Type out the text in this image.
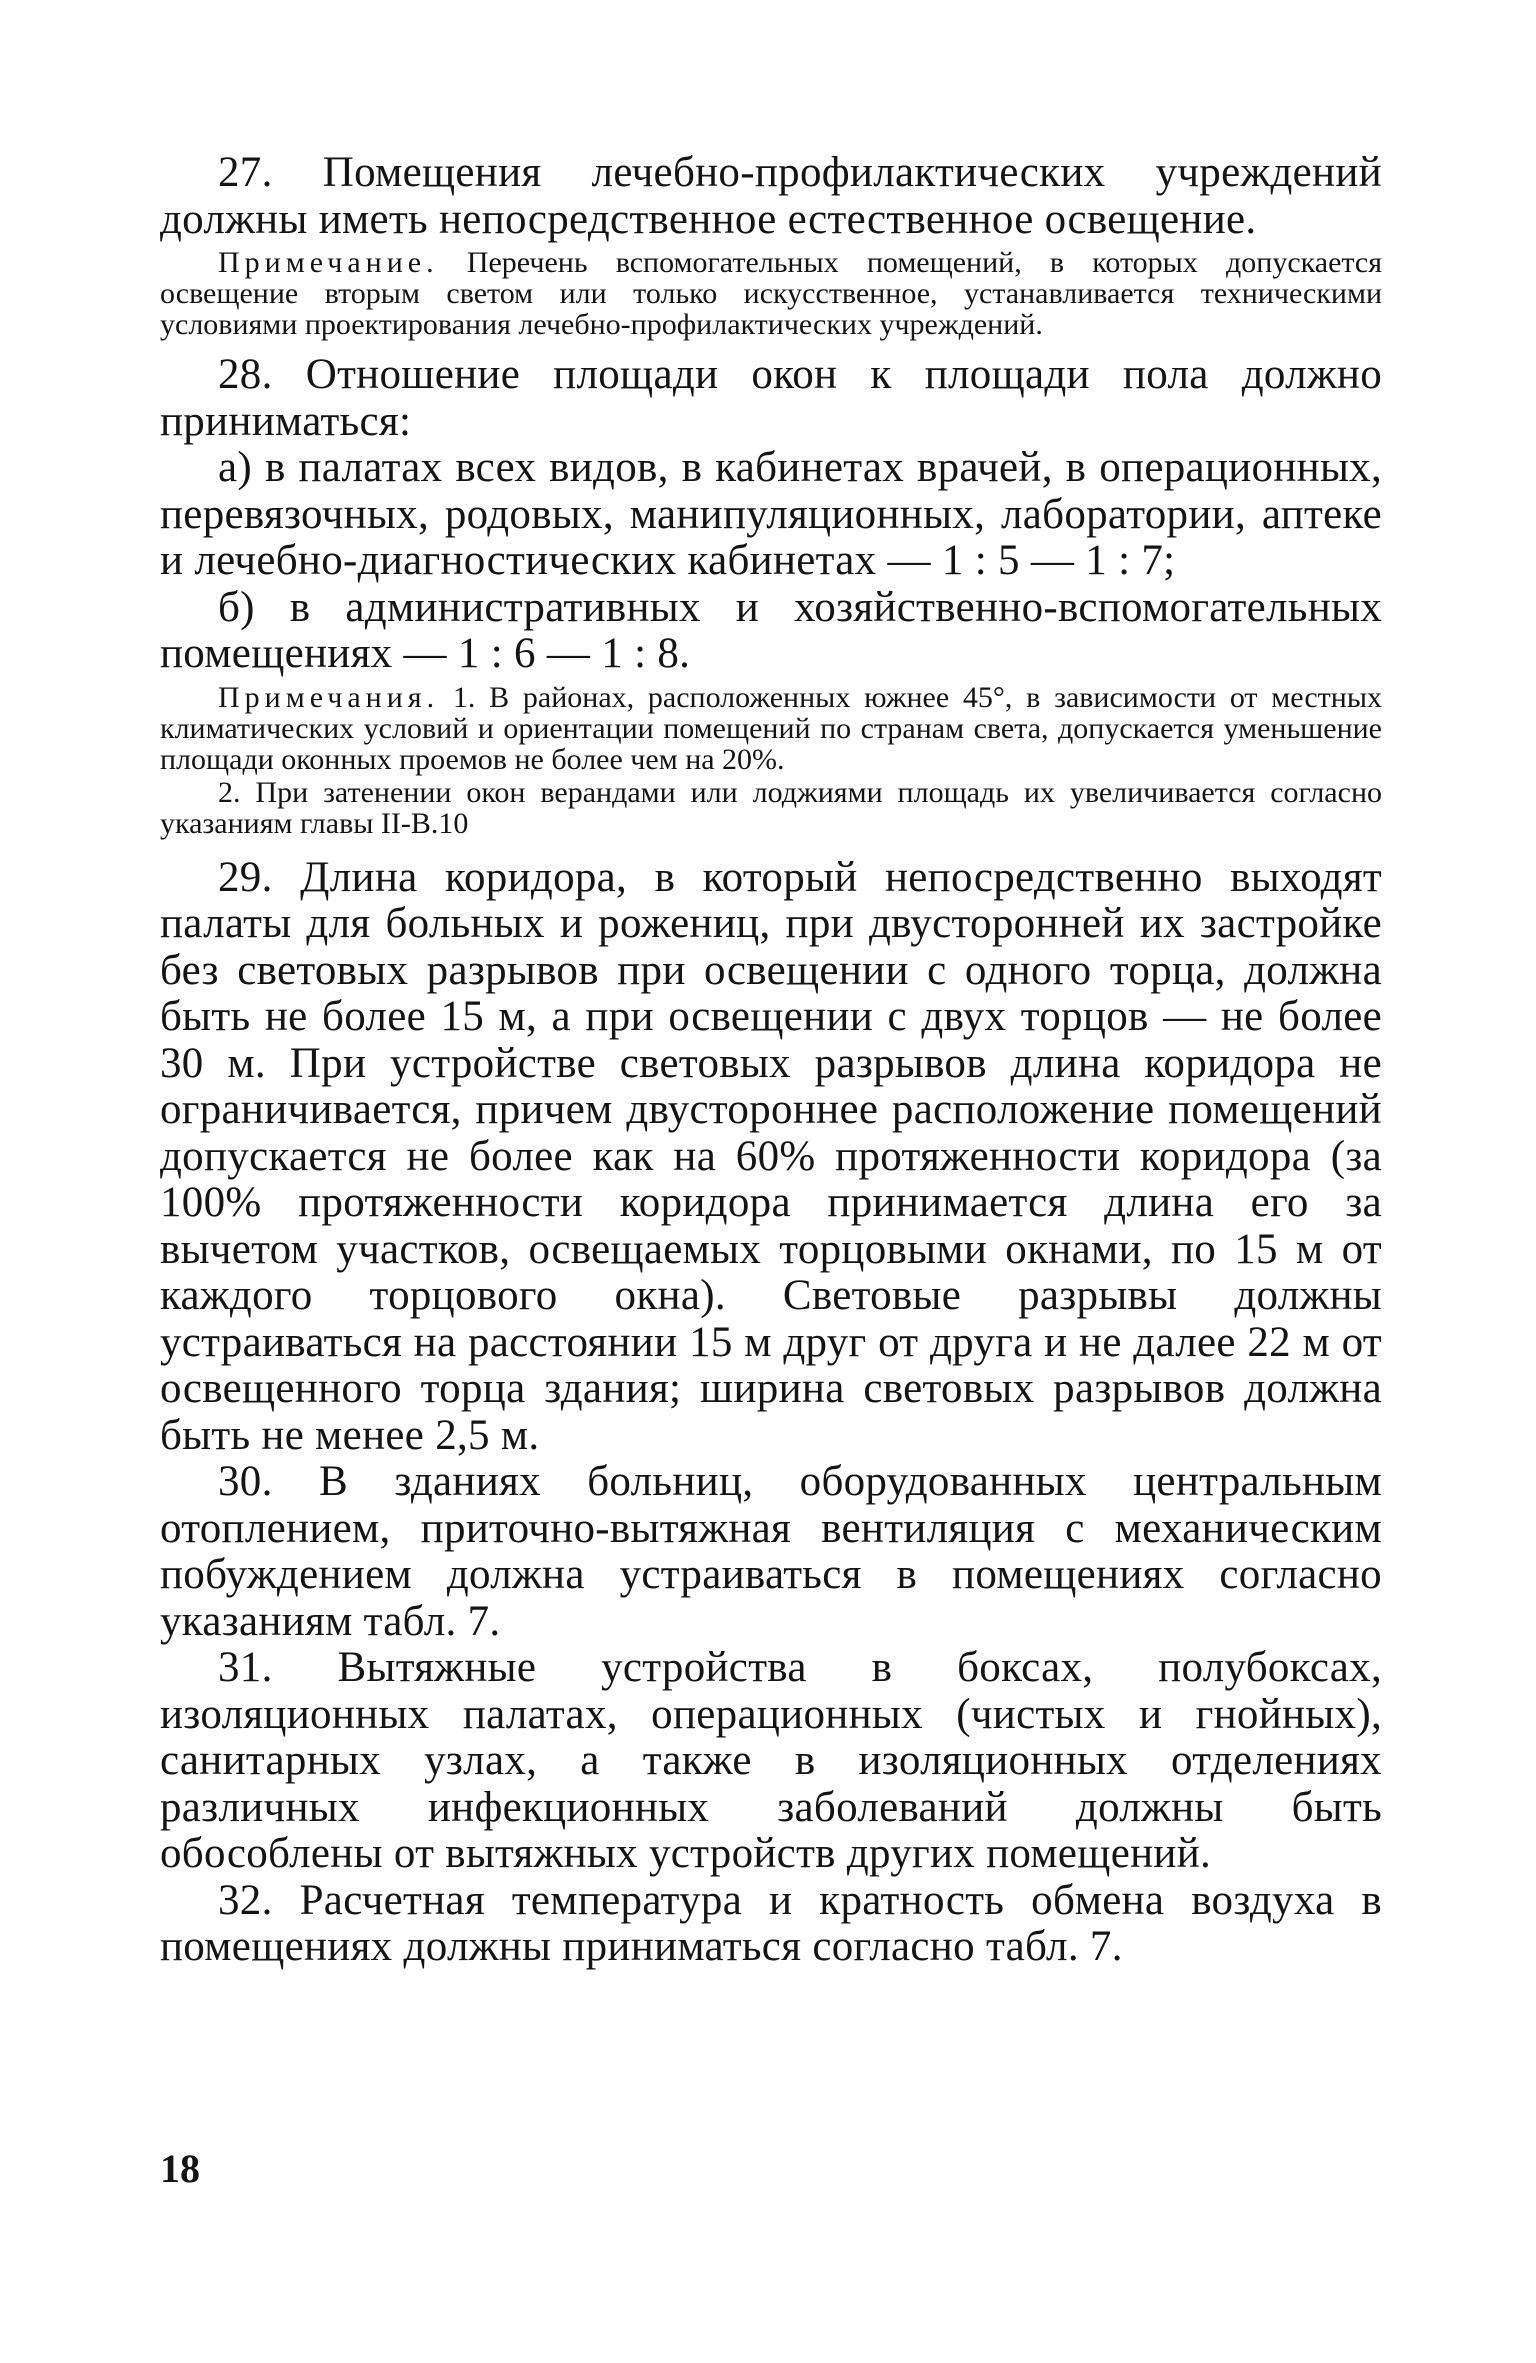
27. Помещения лечебно-профилактических учреждений должны иметь непосредственное естественное освещение.

Примечание. Перечень вспомогательных помещений, в которых допускается освещение вторым светом или только искусственное, устанавливается техническими условиями проектирования лечебно-профилактических учреждений.

28. Отношение площади окон к площади пола должно приниматься:

а) в палатах всех видов, в кабинетах врачей, в операционных, перевязочных, родовых, манипуляционных, лаборатории, аптеке и лечебно-диагностических кабинетах — 1 : 5 — 1 : 7;

б) в административных и хозяйственно-вспомогательных помещениях — 1 : 6 — 1 : 8.

Примечания. 1. В районах, расположенных южнее 45°, в зависимости от местных климатических условий и ориентации помещений по странам света, допускается уменьшение площади оконных проемов не более чем на 20%.

2. При затенении окон верандами или лоджиями площадь их увеличивается согласно указаниям главы II-В.10

29. Длина коридора, в который непосредственно выходят палаты для больных и рожениц, при двусторонней их застройке без световых разрывов при освещении с одного торца, должна быть не более 15 м, а при освещении с двух торцов — не более 30 м. При устройстве световых разрывов длина коридора не ограничивается, причем двустороннее расположение помещений допускается не более как на 60% протяженности коридора (за 100% протяженности коридора принимается длина его за вычетом участков, освещаемых торцовыми окнами, по 15 м от каждого торцового окна). Световые разрывы должны устраиваться на расстоянии 15 м друг от друга и не далее 22 м от освещенного торца здания; ширина световых разрывов должна быть не менее 2,5 м.

30. В зданиях больниц, оборудованных центральным отоплением, приточно-вытяжная вентиляция с механическим побуждением должна устраиваться в помещениях согласно указаниям табл. 7.

31. Вытяжные устройства в боксах, полубоксах, изоляционных палатах, операционных (чистых и гнойных), санитарных узлах, а также в изоляционных отделениях различных инфекционных заболеваний должны быть обособлены от вытяжных устройств других помещений.

32. Расчетная температура и кратность обмена воздуха в помещениях должны приниматься согласно табл. 7.

18
